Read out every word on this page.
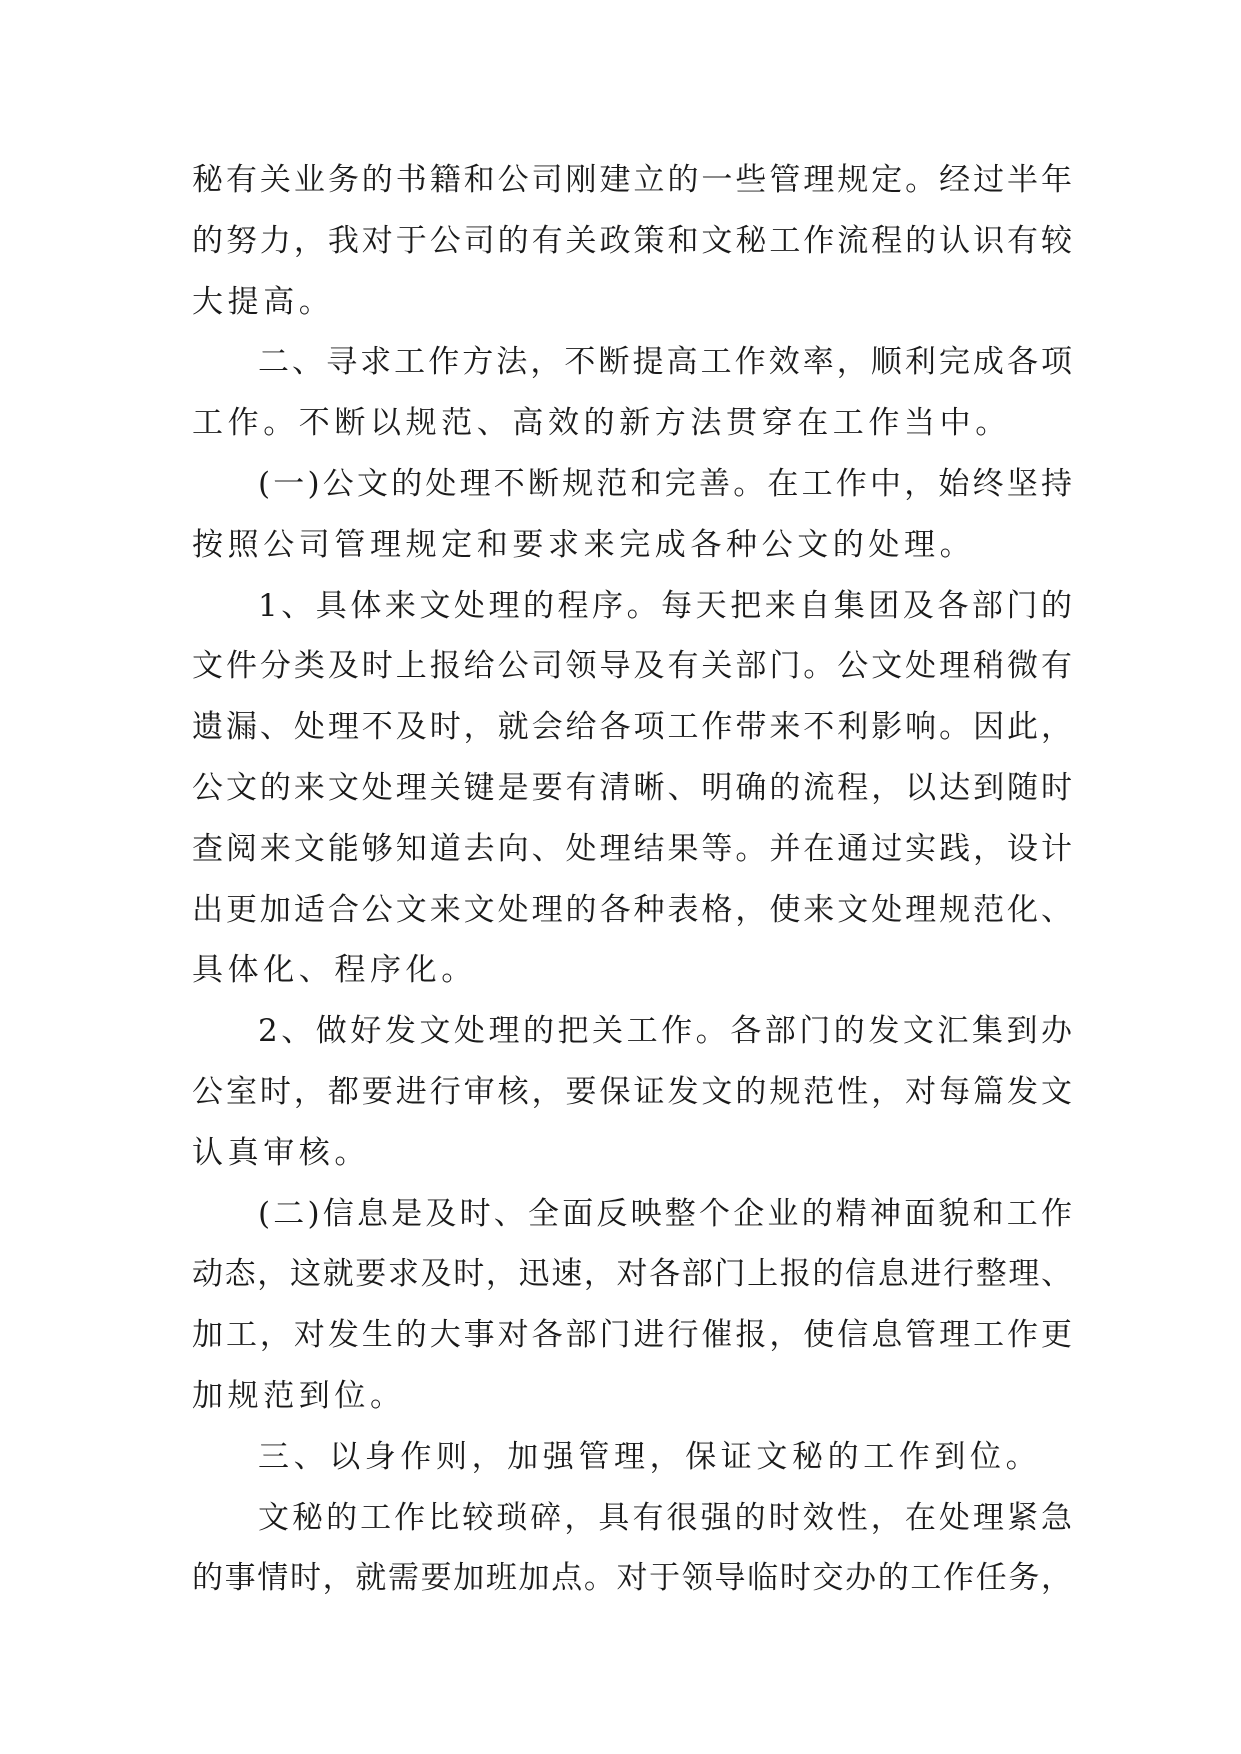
秘有关业务的书籍和公司刚建立的一些管理规定。经过半年

的努力，我对于公司的有关政策和文秘工作流程的认识有较

大提高。

二、寻求工作方法，不断提高工作效率，顺利完成各项

工作。不断以规范、高效的新方法贯穿在工作当中。

(一)公文的处理不断规范和完善。在工作中，始终坚持

按照公司管理规定和要求来完成各种公文的处理。

1、具体来文处理的程序。每天把来自集团及各部门的

文件分类及时上报给公司领导及有关部门。公文处理稍微有

遗漏、处理不及时，就会给各项工作带来不利影响。因此，

公文的来文处理关键是要有清晰、明确的流程，以达到随时

查阅来文能够知道去向、处理结果等。并在通过实践，设计

出更加适合公文来文处理的各种表格，使来文处理规范化、

具体化、程序化。

2、做好发文处理的把关工作。各部门的发文汇集到办

公室时，都要进行审核，要保证发文的规范性，对每篇发文

认真审核。

(二)信息是及时、全面反映整个企业的精神面貌和工作

动态，这就要求及时，迅速，对各部门上报的信息进行整理、

加工，对发生的大事对各部门进行催报，使信息管理工作更

加规范到位。

三、以身作则，加强管理，保证文秘的工作到位。

文秘的工作比较琐碎，具有很强的时效性，在处理紧急

的事情时，就需要加班加点。对于领导临时交办的工作任务，
